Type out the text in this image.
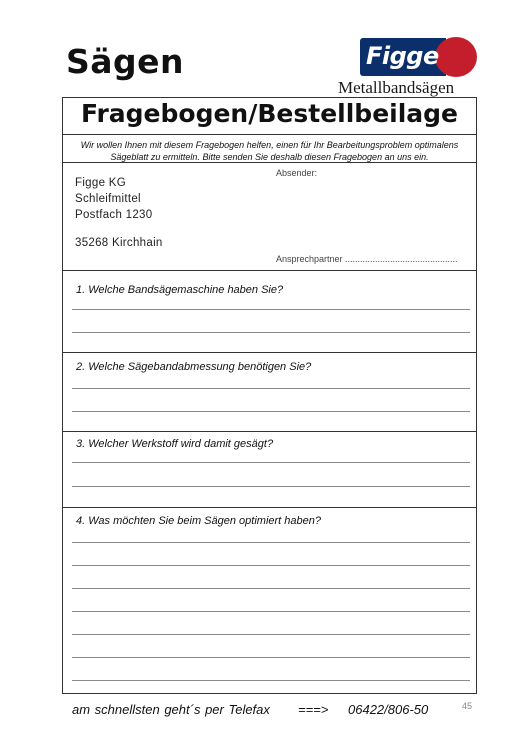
Sägen	Figge
Metallbandsägen
Fragebogen/Bestellbeilage
Wir wollen Ihnen mit diesem Fragebogen helfen, einen für Ihr Bearbeitungsproblem optimalens
Sägeblatt zu ermitteln. Bitte senden Sie deshalb diesen Fragebogen an uns ein.
Absender:
Figge KG
Schleifmittel
Postfach 1230
35268 Kirchhain
Ansprechpartner .............................................
1. Welche Bandsägemaschine haben Sie?
2. Welche Sägebandabmessung benötigen Sie?
3. Welcher Werkstoff wird damit gesägt?
4. Was möchten Sie beim Sägen optimiert haben?
am schnellsten geht´s per Telefax ===> 06422/806-50	45
